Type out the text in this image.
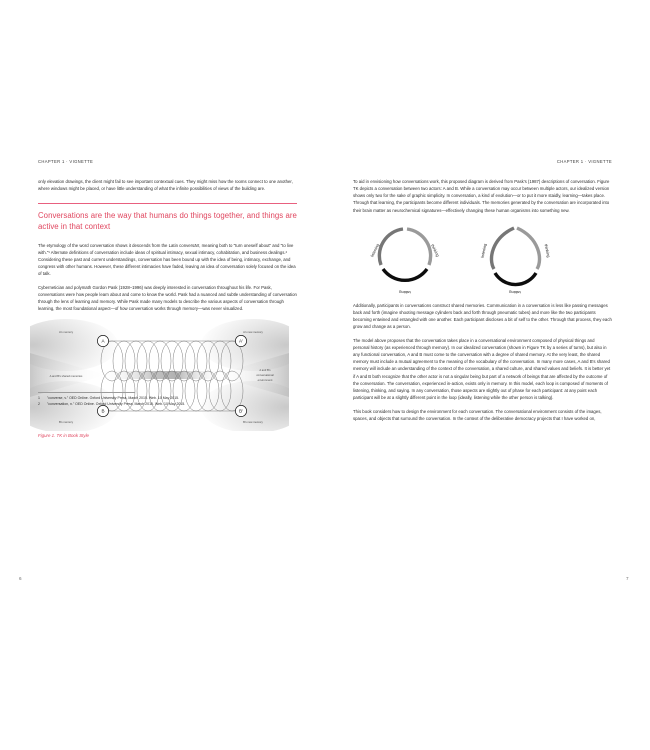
CHAPTER 1 · VIGNETTE

only elevation drawings, the client might fail to see important contextual cues. They might miss how the rooms connect to one another, where windows might be placed, or have little understanding of what the infinite possibilities of views of the building are.

Conversations are the way that humans do things together, and things are active in that context

The etymology of the word conversation shows it descends from the Latin conversārī, meaning both to "turn oneself about" and "to live with."¹ Alternate definitions of conversation include ideas of spiritual intimacy, sexual intimacy, cohabitation, and business dealings.² Considering these past and current understandings, conversation has been bound up with the idea of being, intimacy, exchange, and congress with other humans. However, these different intimacies have faded, leaving an idea of conversation solely focused on the idea of talk.

Cybernetician and polymath Gordon Pask (1928–1996) was deeply interested in conversation throughout his life. For Pask, conversations were how people learn about and come to know the world. Pask had a nuanced and subtle understanding of conversation through the lens of learning and memory. While Pask made many models to describe the various aspects of conversation through learning, the most foundational aspect—of how conversation works through memory—was never visualized.

A
B
A'
B'
A's memory	A's new memory
B's memory	B's new memory
A and B's shared memories
A and B's
conversational
environment

Figure 1. TK in Book Style

1	"converse, v." OED Online. Oxford University Press, March 2015. Web. 10 May 2015.
2	"conversation, n." OED Online. Oxford University Press, March 2015. Web. 10 May 2015.
6
CHAPTER 1 · VIGNETTE

To aid in envisioning how conversations work, this proposed diagram is derived from Pask's (1987) descriptions of conversation. Figure TK depicts a conversation between two actors: A and B. While a conversation may occur between multiple actors, our idealized version shows only two for the sake of graphic simplicity. In conversation, a kind of evolution—or to put it more staidly, learning—takes place. Through that learning, the participants become different individuals. The memories generated by the conversation are incorporated into their brain matter as neurochemical signatures—effectively changing these human organisms into something new.

listening	thinking
talking
listening	thinking
talking

Additionally, participants in conversations construct shared memories. Communication in a conversation is less like passing messages back and forth (imagine shooting message cylinders back and forth through pneumatic tubes) and more like the two participants becoming entwined and entangled with one another. Each participant discloses a bit of self to the other. Through that process, they each grow and change as a person.

The model above proposes that the conversation takes place in a conversational environment composed of physical things and personal history (as experienced through memory). In our idealized conversation (shown in Figure TK by a series of turns), but also in any functional conversation, A and B must come to the conversation with a degree of shared memory. At the very least, the shared memory must include a mutual agreement to the meaning of the vocabulary of the conversation. In many more cases, A and B's shared memory will include an understanding of the context of the conversation, a shared culture, and shared values and beliefs. It is better yet if A and B both recognize that the other actor is not a singular being but part of a network of beings that are affected by the outcome of the conversation. The conversation, experienced in-action, exists only in memory. In this model, each loop is composed of moments of listening, thinking, and saying. In any conversation, those aspects are slightly out of phase for each participant: at any point each participant will be at a slightly different point in the loop (ideally, listening while the other person is talking).

This book considers how to design the environment for each conversation. The conversational environment consists of the images, spaces, and objects that surround the conversation. In the context of the deliberative democracy projects that I have worked on,

7
